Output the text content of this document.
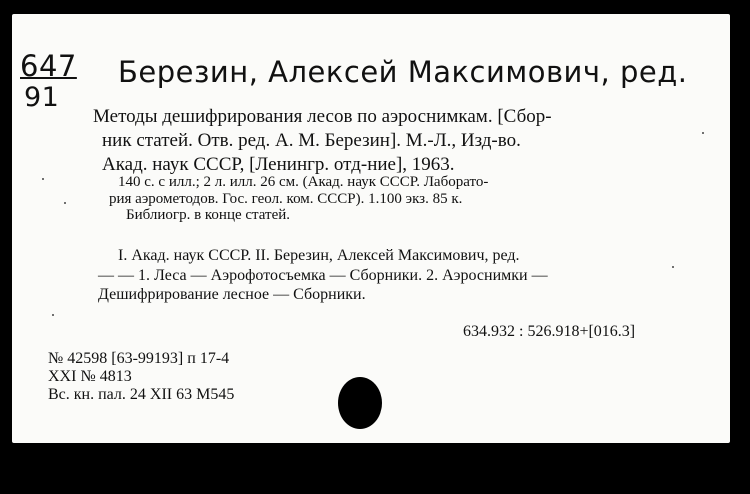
647
91
Березин, Алексей Максимович, ред.
Методы дешифрирования лесов по аэроснимкам. [Сбор-
ник статей. Отв. ред. А. М. Березин]. М.-Л., Изд-во.
Акад. наук СССР, [Ленингр. отд-ние], 1963.
140 с. с илл.; 2 л. илл. 26 см. (Акад. наук СССР. Лаборато-
рия аэрометодов. Гос. геол. ком. СССР). 1.100 экз. 85 к.
Библиогр. в конце статей.
I. Акад. наук СССР. II. Березин, Алексей Максимович, ред.
— — 1. Леса — Аэрофотосъемка — Сборники. 2. Аэроснимки —
Дешифрирование лесное — Сборники.
634.932 : 526.918+[016.3]
№ 42598 [63-99193] п 17-4
XXI № 4813
Вс. кн. пал. 24 XII 63 М545
